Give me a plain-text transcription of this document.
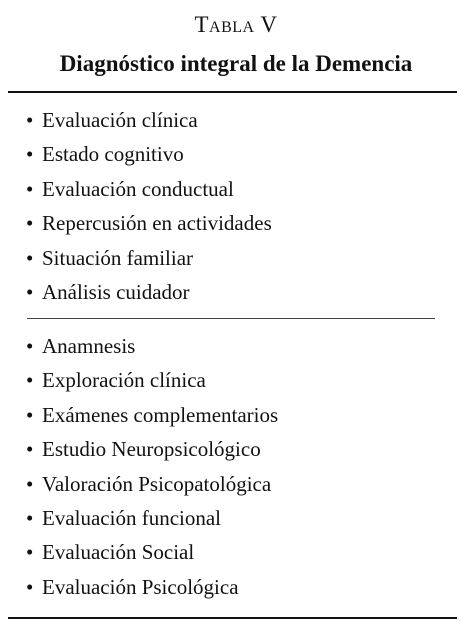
Tabla V
Diagnóstico integral de la Demencia
• Evaluación clínica
• Estado cognitivo
• Evaluación conductual
• Repercusión en actividades
• Situación familiar
• Análisis cuidador
• Anamnesis
• Exploración clínica
• Exámenes complementarios
• Estudio Neuropsicológico
• Valoración Psicopatológica
• Evaluación funcional
• Evaluación Social
• Evaluación Psicológica
